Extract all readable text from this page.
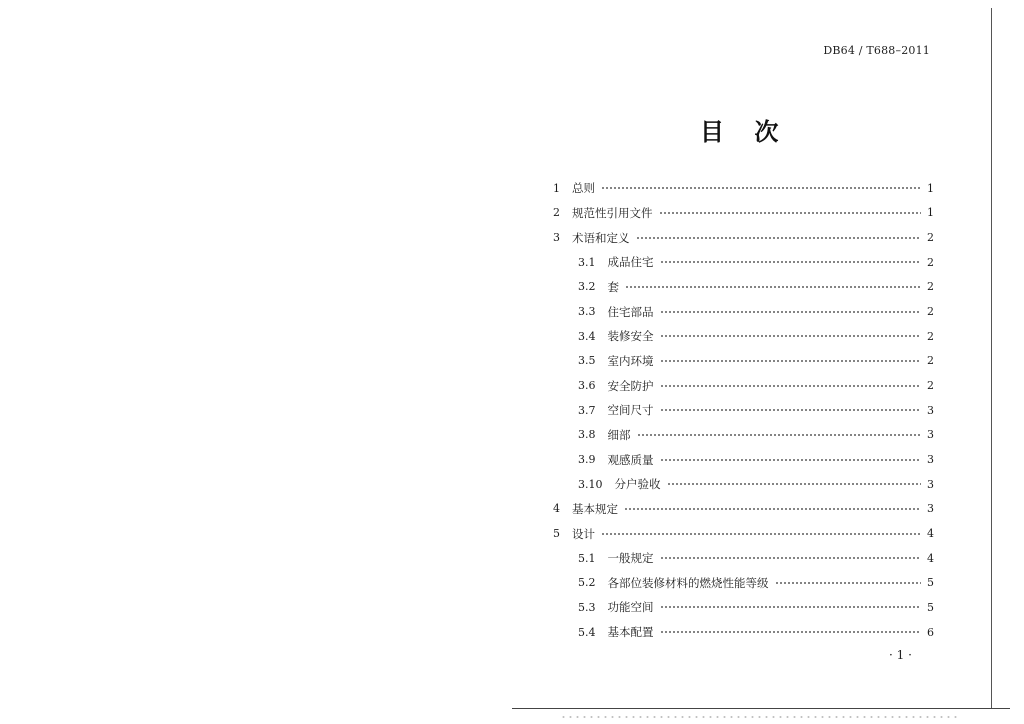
DB64 / T688–2011
目 次
1 总则	1
2 规范性引用文件	1
3 术语和定义	2
3.1 成品住宅	2
3.2 套	2
3.3 住宅部品	2
3.4 装修安全	2
3.5 室内环境	2
3.6 安全防护	2
3.7 空间尺寸	3
3.8 细部	3
3.9 观感质量	3
3.10 分户验收	3
4 基本规定	3
5 设计	4
5.1 一般规定	4
5.2 各部位装修材料的燃烧性能等级	5
5.3 功能空间	5
5.4 基本配置	6
· 1 ·
